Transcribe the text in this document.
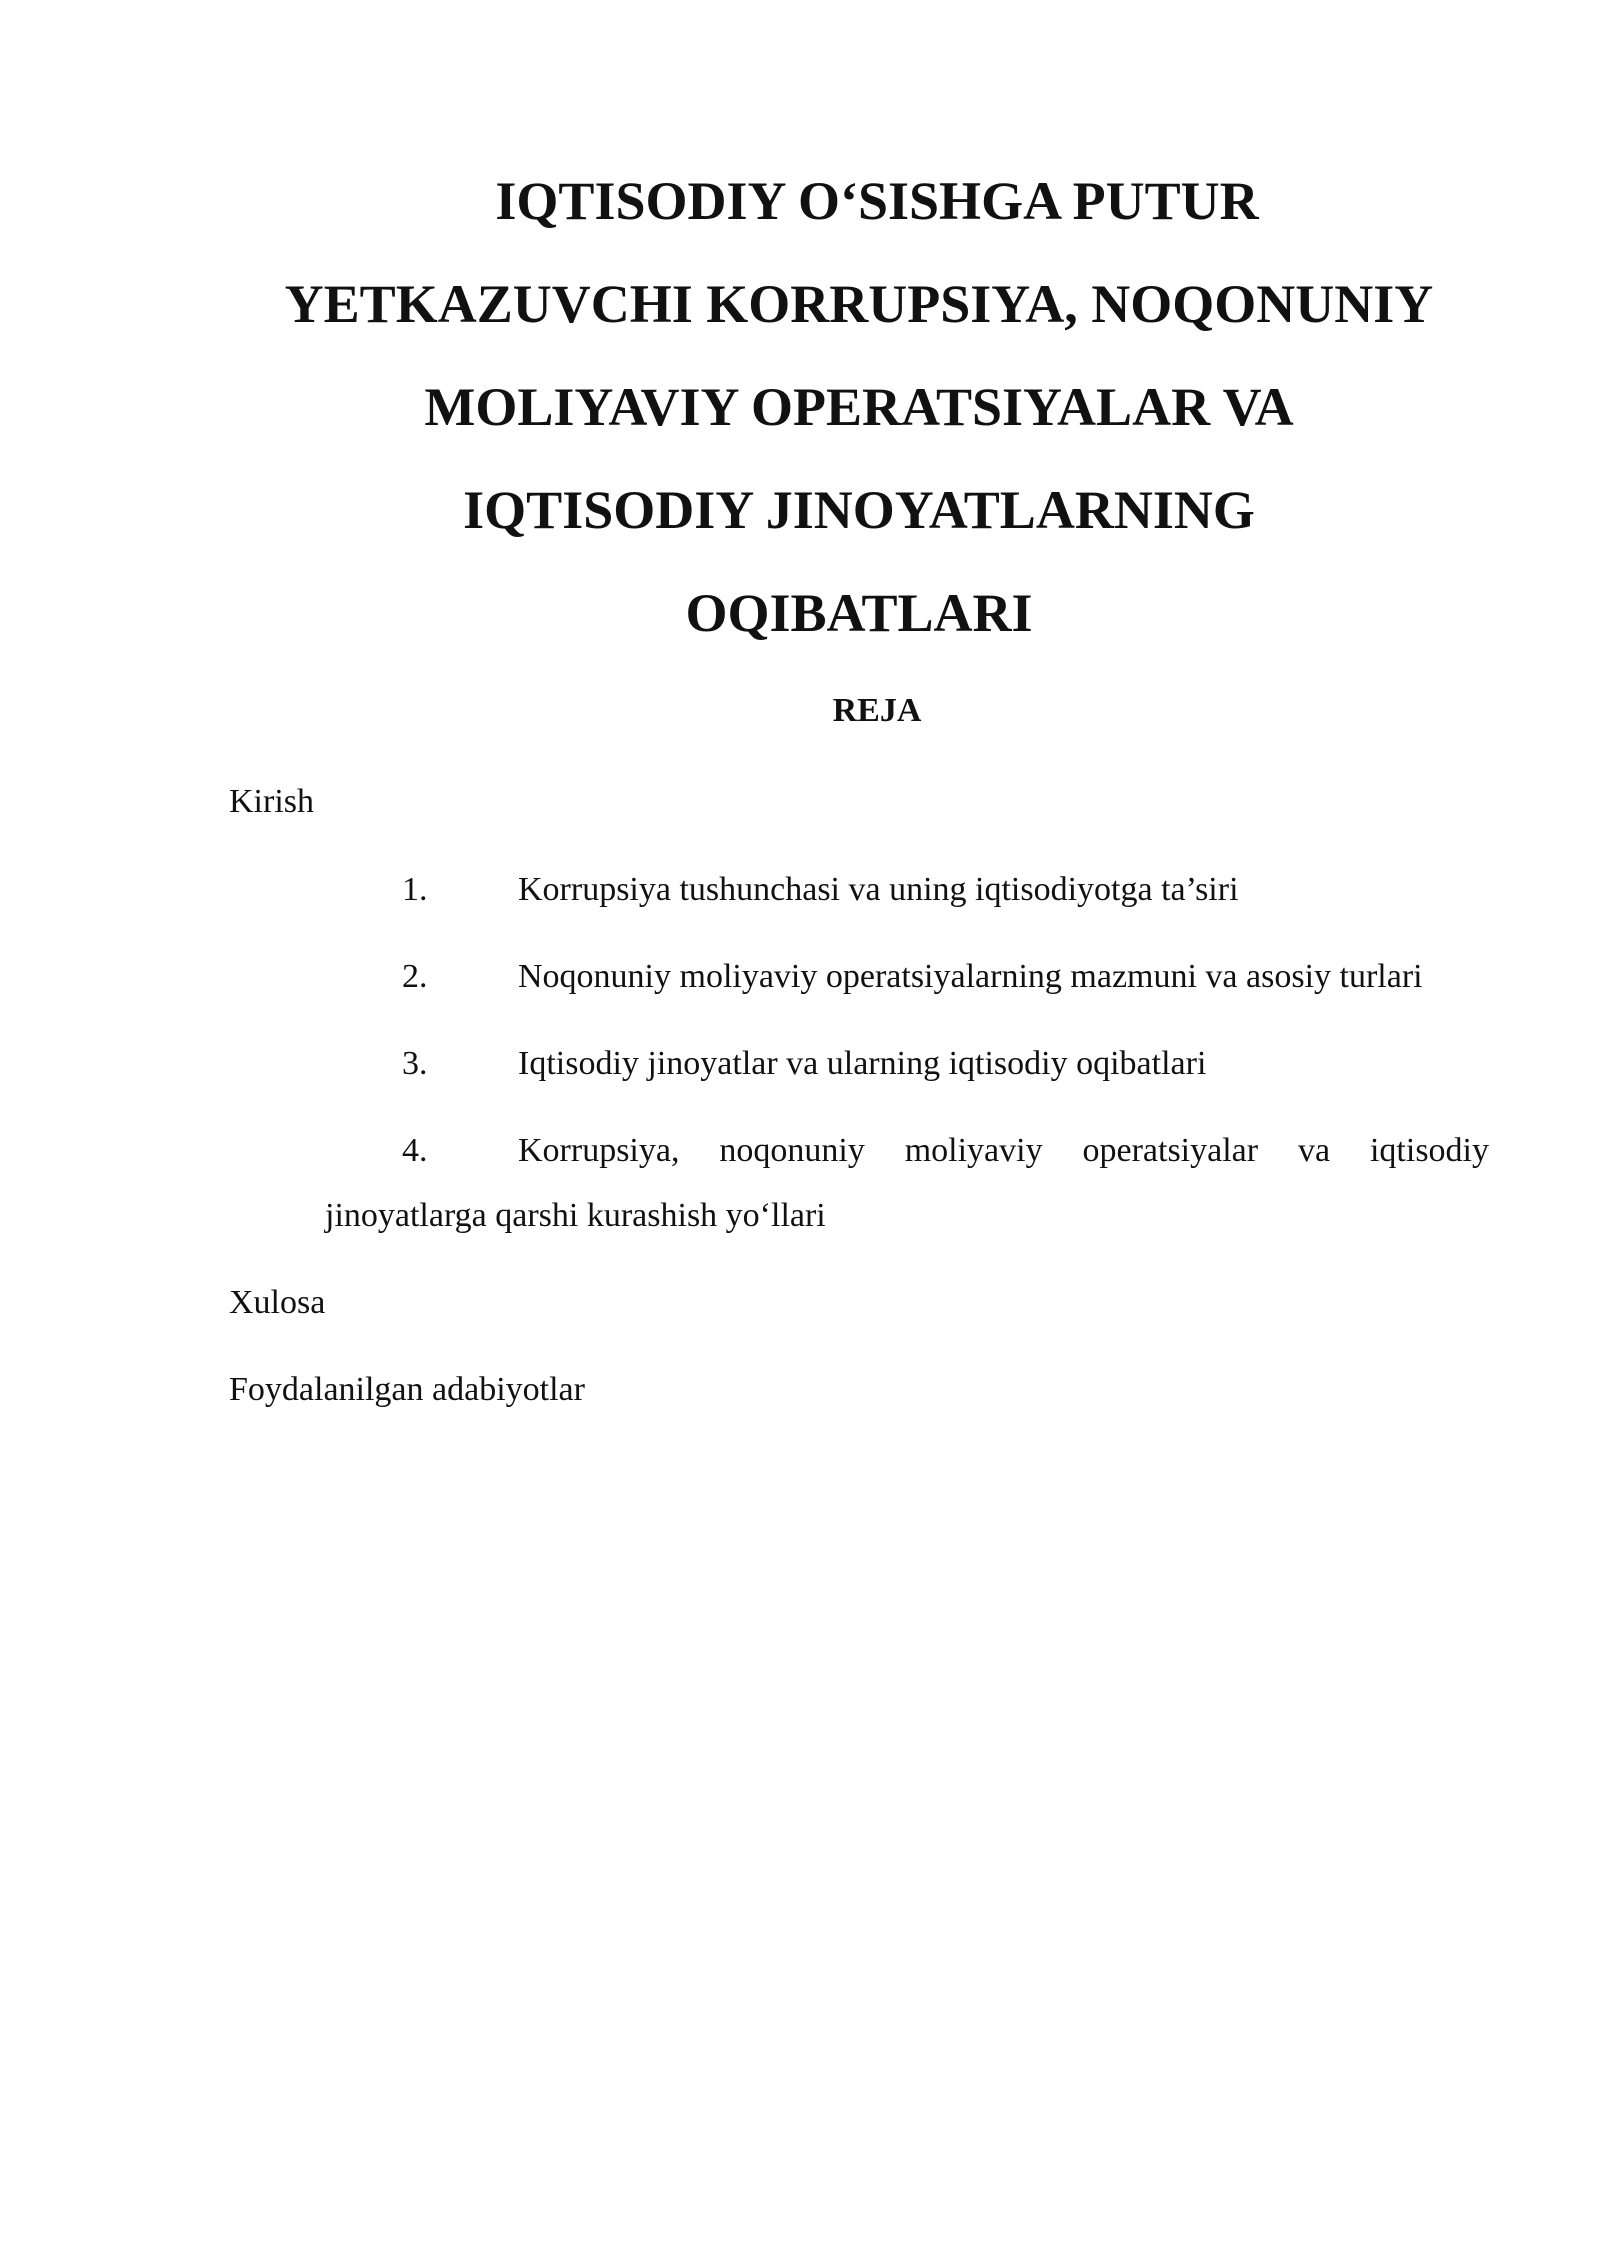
IQTISODIY O‘SISHGA PUTUR
YETKAZUVCHI KORRUPSIYA, NOQONUNIY
MOLIYAVIY OPERATSIYALAR VA
IQTISODIY JINOYATLARNING
OQIBATLARI
REJA
Kirish
1.	Korrupsiya tushunchasi va uning iqtisodiyotga ta’siri
2.	Noqonuniy moliyaviy operatsiyalarning mazmuni va asosiy turlari
3.	Iqtisodiy jinoyatlar va ularning iqtisodiy oqibatlari
4.	Korrupsiya, noqonuniy moliyaviy operatsiyalar va iqtisodiy jinoyatlarga qarshi kurashish yo‘llari
Xulosa
Foydalanilgan adabiyotlar
